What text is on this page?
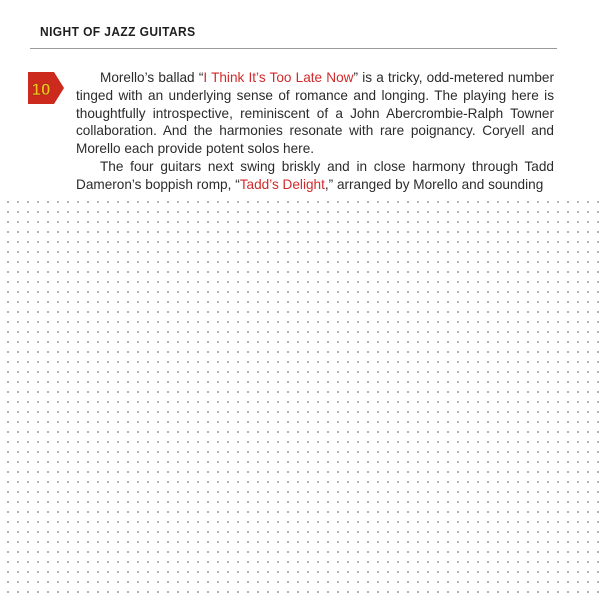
NIGHT OF JAZZ GUITARS
10

Morello’s ballad “I Think It’s Too Late Now” is a tricky, odd-metered number tinged with an underlying sense of romance and longing. The playing here is thoughtfully introspective, reminiscent of a John Abercrombie-Ralph Towner collaboration. And the harmonies resonate with rare poignancy. Coryell and Morello each provide potent solos here.

The four guitars next swing briskly and in close harmony through Tadd Dameron’s boppish romp, “Tadd’s Delight,” arranged by Morello and sounding
